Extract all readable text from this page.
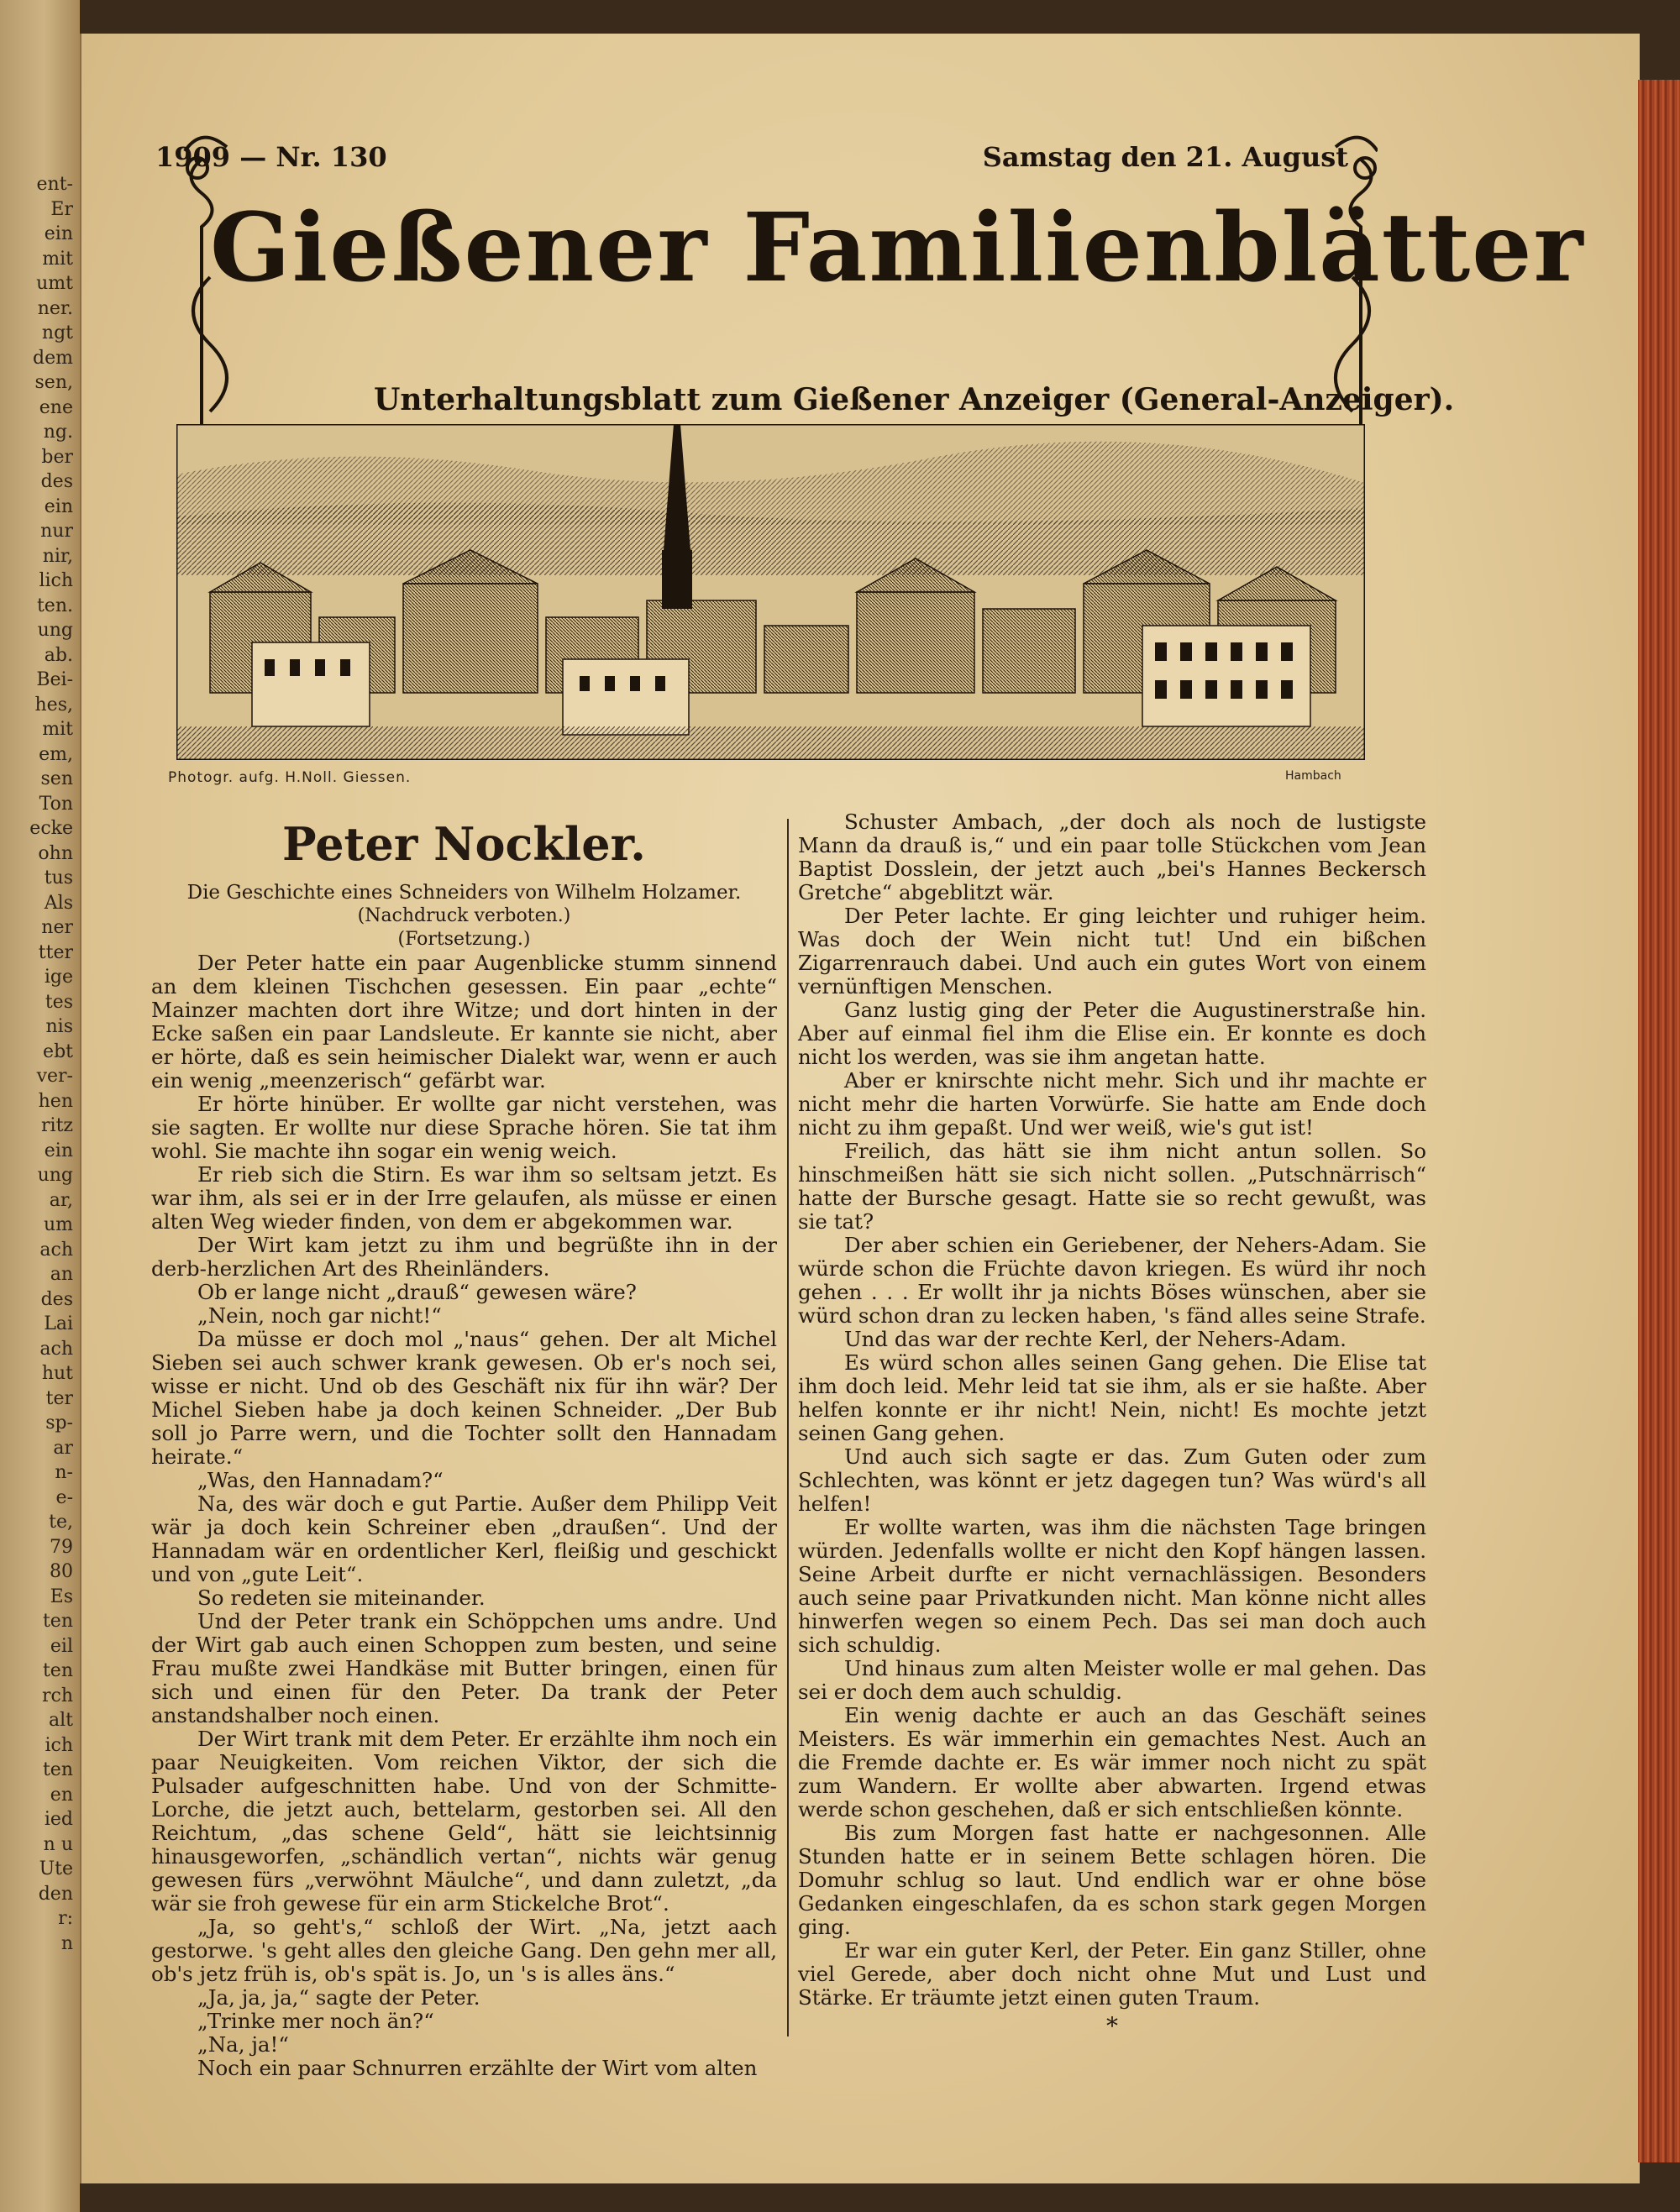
ent-
Er
ein
mit
umt
ner.
ngt
dem
sen,
ene
ng.
ber
des
ein
nur
nir,
lich
ten.
ung
ab.
Bei-
hes,
mit
em,
sen
Ton
ecke
ohn
tus
Als
ner
tter
ige
tes
nis
ebt
ver-
hen
ritz
ein
ung
ar,
um
ach
an
des
Lai
ach
hut
ter
sp-
ar
n-
e-
te,
79
80
Es
ten
eil
ten
rch
alt
ich
ten
en
ied
n u
Ute
den
r:
n
1909 — Nr. 130	Samstag den 21. August
Gießener Familienblätter
Unterhaltungsblatt zum Gießener Anzeiger (General-Anzeiger).
Photogr. aufg. H.Noll. Giessen.	Hambach
Peter Nockler.

Die Geschichte eines Schneiders von Wilhelm Holzamer.

(Nachdruck verboten.)

(Fortsetzung.)

Der Peter hatte ein paar Augenblicke stumm sinnend an dem kleinen Tischchen gesessen. Ein paar „echte“ Mainzer machten dort ihre Witze; und dort hinten in der Ecke saßen ein paar Landsleute. Er kannte sie nicht, aber er hörte, daß es sein heimischer Dialekt war, wenn er auch ein wenig „meenzerisch“ gefärbt war.

Er hörte hinüber. Er wollte gar nicht verstehen, was sie sagten. Er wollte nur diese Sprache hören. Sie tat ihm wohl. Sie machte ihn sogar ein wenig weich.

Er rieb sich die Stirn. Es war ihm so seltsam jetzt. Es war ihm, als sei er in der Irre gelaufen, als müsse er einen alten Weg wieder finden, von dem er abgekommen war.

Der Wirt kam jetzt zu ihm und begrüßte ihn in der derb-herzlichen Art des Rheinländers.

Ob er lange nicht „drauß“ gewesen wäre?

„Nein, noch gar nicht!“

Da müsse er doch mol „'naus“ gehen. Der alt Michel Sieben sei auch schwer krank gewesen. Ob er's noch sei, wisse er nicht. Und ob des Geschäft nix für ihn wär? Der Michel Sieben habe ja doch keinen Schneider. „Der Bub soll jo Parre wern, und die Tochter sollt den Hannadam heirate.“

„Was, den Hannadam?“

Na, des wär doch e gut Partie. Außer dem Philipp Veit wär ja doch kein Schreiner eben „draußen“. Und der Hannadam wär en ordentlicher Kerl, fleißig und geschickt und von „gute Leit“.

So redeten sie miteinander.

Und der Peter trank ein Schöppchen ums andre. Und der Wirt gab auch einen Schoppen zum besten, und seine Frau mußte zwei Handkäse mit Butter bringen, einen für sich und einen für den Peter. Da trank der Peter anstandshalber noch einen.

Der Wirt trank mit dem Peter. Er erzählte ihm noch ein paar Neuigkeiten. Vom reichen Viktor, der sich die Pulsader aufgeschnitten habe. Und von der Schmitte-Lorche, die jetzt auch, bettelarm, gestorben sei. All den Reichtum, „das schene Geld“, hätt sie leichtsinnig hinausgeworfen, „schändlich vertan“, nichts wär genug gewesen fürs „verwöhnt Mäulche“, und dann zuletzt, „da wär sie froh gewese für ein arm Stickelche Brot“.

„Ja, so geht's,“ schloß der Wirt. „Na, jetzt aach gestorwe. 's geht alles den gleiche Gang. Den gehn mer all, ob's jetz früh is, ob's spät is. Jo, un 's is alles äns.“

„Ja, ja, ja,“ sagte der Peter.

„Trinke mer noch än?“

„Na, ja!“

Noch ein paar Schnurren erzählte der Wirt vom alten

Schuster Ambach, „der doch als noch de lustigste Mann da drauß is,“ und ein paar tolle Stückchen vom Jean Baptist Dosslein, der jetzt auch „bei's Hannes Beckersch Gretche“ abgeblitzt wär.

Der Peter lachte. Er ging leichter und ruhiger heim. Was doch der Wein nicht tut! Und ein bißchen Zigarrenrauch dabei. Und auch ein gutes Wort von einem vernünftigen Menschen.

Ganz lustig ging der Peter die Augustinerstraße hin. Aber auf einmal fiel ihm die Elise ein. Er konnte es doch nicht los werden, was sie ihm angetan hatte.

Aber er knirschte nicht mehr. Sich und ihr machte er nicht mehr die harten Vorwürfe. Sie hatte am Ende doch nicht zu ihm gepaßt. Und wer weiß, wie's gut ist!

Freilich, das hätt sie ihm nicht antun sollen. So hinschmeißen hätt sie sich nicht sollen. „Putschnärrisch“ hatte der Bursche gesagt. Hatte sie so recht gewußt, was sie tat?

Der aber schien ein Geriebener, der Nehers-Adam. Sie würde schon die Früchte davon kriegen. Es würd ihr noch gehen . . . Er wollt ihr ja nichts Böses wünschen, aber sie würd schon dran zu lecken haben, 's fänd alles seine Strafe.

Und das war der rechte Kerl, der Nehers-Adam.

Es würd schon alles seinen Gang gehen. Die Elise tat ihm doch leid. Mehr leid tat sie ihm, als er sie haßte. Aber helfen konnte er ihr nicht! Nein, nicht! Es mochte jetzt seinen Gang gehen.

Und auch sich sagte er das. Zum Guten oder zum Schlechten, was könnt er jetz dagegen tun? Was würd's all helfen!

Er wollte warten, was ihm die nächsten Tage bringen würden. Jedenfalls wollte er nicht den Kopf hängen lassen. Seine Arbeit durfte er nicht vernachlässigen. Besonders auch seine paar Privatkunden nicht. Man könne nicht alles hinwerfen wegen so einem Pech. Das sei man doch auch sich schuldig.

Und hinaus zum alten Meister wolle er mal gehen. Das sei er doch dem auch schuldig.

Ein wenig dachte er auch an das Geschäft seines Meisters. Es wär immerhin ein gemachtes Nest. Auch an die Fremde dachte er. Es wär immer noch nicht zu spät zum Wandern. Er wollte aber abwarten. Irgend etwas werde schon geschehen, daß er sich entschließen könnte.

Bis zum Morgen fast hatte er nachgesonnen. Alle Stunden hatte er in seinem Bette schlagen hören. Die Domuhr schlug so laut. Und endlich war er ohne böse Gedanken eingeschlafen, da es schon stark gegen Morgen ging.

Er war ein guter Kerl, der Peter. Ein ganz Stiller, ohne viel Gerede, aber doch nicht ohne Mut und Lust und Stärke. Er träumte jetzt einen guten Traum.

*
